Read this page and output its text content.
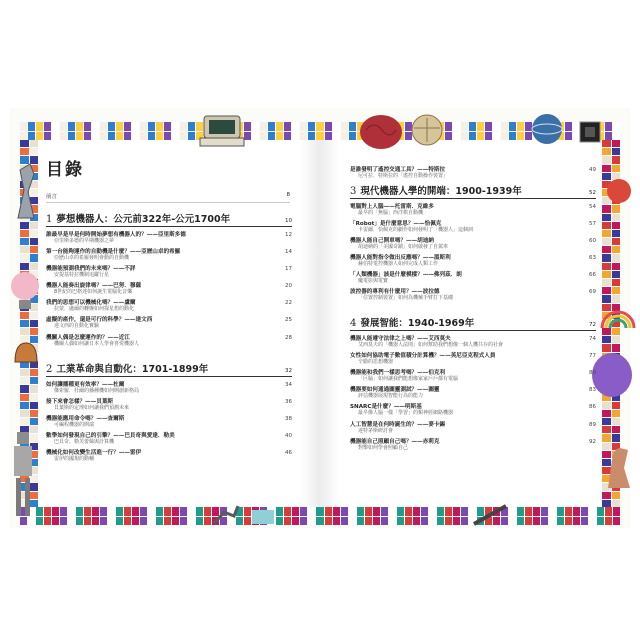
目錄
前言	8
1 夢想機器人：公元前322年-公元1700年	10
誰最早是早是何時開始夢想有機器人的？——亞里斯多德	12
亞里斯多德的早期機器之夢
第一台能夠運作的自動機是什麼？——亞歷山卓的希羅	14
亞歷山卓的希羅發明會動的自動機
機器能預測我們的未來嗎？——不詳	17
安提基特拉機制追蹤行星
機器人能奏出旋律嗎？——巴努．穆薩	20
8世紀的巴格達如何誕生電腦化音樂
我們的思想可以機械化嗎？——盧爾	22
拉蒙．盧爾的轉盤如何探星想的動化
虛擬的產作，還是可行的科學？——達文西	25
達文西的自動化實驗
機關人偶是怎麼運作的？——近江	28
機關人偶如何讓日本人學會喜愛機器人
2 工業革命與自動化：1701-1899年	32
如何讓播種更有效率？——杜爾	34
傑索羅．杜爾的播種機如何開創新格局
接下來會怎樣？——貝葉斯	36
貝葉斯的定理如何讓我們預測未來
機器能應用命令嗎？——查爾斯	38
可編程機器的開端
數學如何發現自己的引擎？——巴貝奇與愛達．勒美	40
巴貝奇、勒芙蕾絲與計算機
機械化如何改變生活進一行？——雷伊	46
雷伊的國規的動輔
是誰發明了遙控交通工具？——特斯拉	49
尼可拉．特斯拉的「遙控自動操作裝置」
3 現代機器人學的開端：1900-1939年	52
電腦對上人腦——托雷斯．克維多	54
最早的「無腦」西洋棋自動機
「Robot」是什麼意思？——恰佩克	57
卡雷爾．恰佩克的劇作如何發明了「機器人」這個詞
機器人能自己開車嗎？——胡迪納	60
胡迪納的「美國奇蹟」如何啟發了自駕車
機器人能對指令做出反應嗎？——溫斯利	63
赫伯特電控機器人如何完成人類工作
「人類機器」該是什麼模樣？——佛列茲．朗	66
魔電影與電寶
波控器的專利有什麼用？——波拉德	69
「位置控制裝置」如何為機械手臂打下基礎
4 發展智能：1940-1969年	72
機器人能遵守法律之上嗎？——艾西莫夫	74
艾西莫夫的「機器人法則」如何幫助我們想像一個人機共存的社會
女性如何協助電子數值積分計算機？——英尼亞克程式人員	77
辛勤的思想機器
機器能和我們一樣思考嗎？——伯克利	80
「巨腦」如何讓我們能想像家家戶戶都有電腦
機器要如何通過圖靈測試？——圖靈	83
評估機器展現智能行為的能力
SNARC是什麼？——明斯基	86
最早像人腦一樣「學習」的類神經網路機器
人工智慧是在何時誕生的？——麥卡錫	89
達特茅斯研討會
機器能自己照顧自己嗎？——赤莉克	92
對擊如何學會照顧自己
